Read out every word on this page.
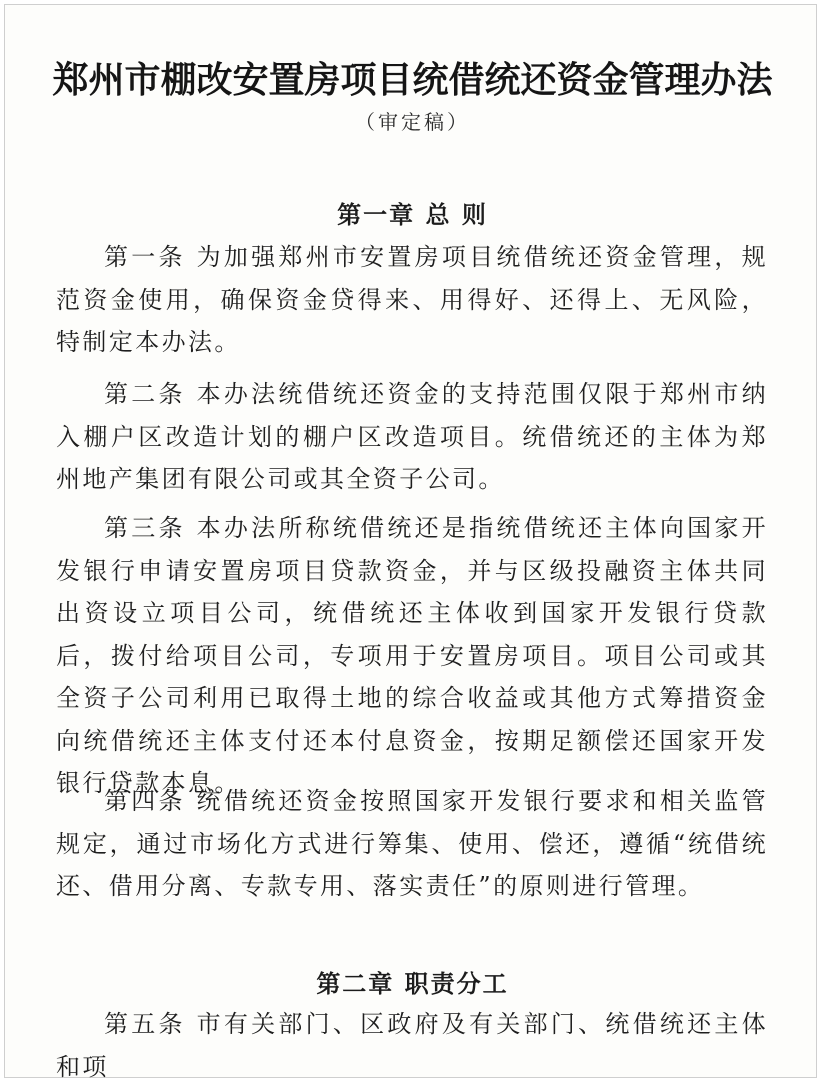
郑州市棚改安置房项目统借统还资金管理办法
（审定稿）
第一章 总 则
第一条 为加强郑州市安置房项目统借统还资金管理，规范资金使用，确保资金贷得来、用得好、还得上、无风险，特制定本办法。
第二条 本办法统借统还资金的支持范围仅限于郑州市纳入棚户区改造计划的棚户区改造项目。统借统还的主体为郑州地产集团有限公司或其全资子公司。
第三条 本办法所称统借统还是指统借统还主体向国家开发银行申请安置房项目贷款资金，并与区级投融资主体共同出资设立项目公司，统借统还主体收到国家开发银行贷款后，拨付给项目公司，专项用于安置房项目。项目公司或其全资子公司利用已取得土地的综合收益或其他方式筹措资金向统借统还主体支付还本付息资金，按期足额偿还国家开发银行贷款本息。
第四条 统借统还资金按照国家开发银行要求和相关监管规定，通过市场化方式进行筹集、使用、偿还，遵循“统借统还、借用分离、专款专用、落实责任”的原则进行管理。
第二章 职责分工
第五条 市有关部门、区政府及有关部门、统借统还主体和项
